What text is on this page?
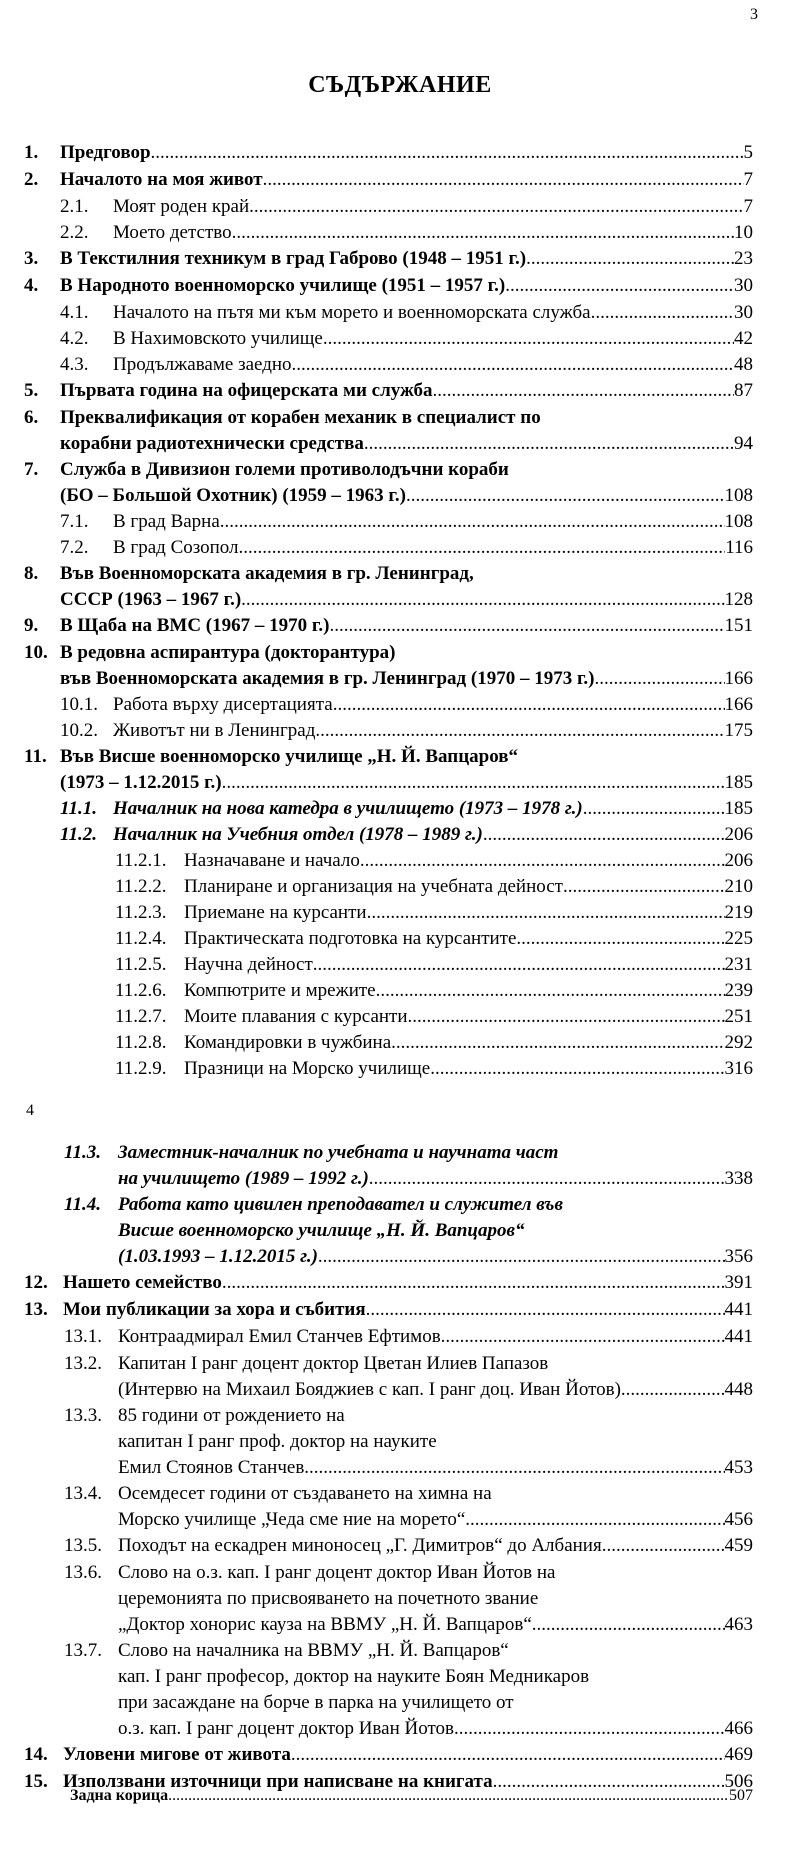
3
СЪДЪРЖАНИЕ
1. Предговор .....	5
2. Началото на моя живот .....	7
2.1. Моят роден край .....	7
2.2. Моето детство .....	10
3. В Текстилния техникум в град Габрово (1948 – 1951 г.) .....	23
4. В Народното военноморско училище (1951 – 1957 г.) .....	30
4.1. Началото на пътя ми към морето и военноморската служба .....	30
4.2. В Нахимовското училище .....	42
4.3. Продължаваме заедно .....	48
5. Първата година на офицерската ми служба .....	87
6. Преквалификация от корабен механик в специалист по
корабни радиотехнически средства .....	94
7. Служба в Дивизион големи противолодъчни кораби
(БО – Большой Охотник) (1959 – 1963 г.) .....	108
7.1. В град Варна .....	108
7.2. В град Созопол .....	116
8. Във Военноморската академия в гр. Ленинград,
СССР (1963 – 1967 г.) .....	128
9. В Щаба на ВМС (1967 – 1970 г.) .....	151
10. В редовна аспирантура (докторантура)
във Военноморската академия в гр. Ленинград (1970 – 1973 г.) .....	166
10.1. Работа върху дисертацията .....	166
10.2. Животът ни в Ленинград .....	175
11. Във Висше военноморско училище „Н. Й. Вапцаров“
(1973 – 1.12.2015 г.) .....	185
11.1. Началник на нова катедра в училището (1973 – 1978 г.) .....	185
11.2. Началник на Учебния отдел (1978 – 1989 г.) .....	206
11.2.1. Назначаване и начало .....	206
11.2.2. Планиране и организация на учебната дейност .....	210
11.2.3. Приемане на курсанти .....	219
11.2.4. Практическата подготовка на курсантите .....	225
11.2.5. Научна дейност .....	231
11.2.6. Компютрите и мрежите .....	239
11.2.7. Моите плавания с курсанти .....	251
11.2.8. Командировки в чужбина .....	292
11.2.9. Празници на Морско училище .....	316
4
11.3. Заместник-началник по учебната и научната част
на училището (1989 – 1992 г.) .....	338
11.4. Работа като цивилен преподавател и служител във
Висше военноморско училище „Н. Й. Вапцаров“
(1.03.1993 – 1.12.2015 г.) .....	356
12. Нашето семейство .....	391
13. Мои публикации за хора и събития .....	441
13.1. Контраадмирал Емил Станчев Ефтимов .....	441
13.2. Капитан I ранг доцент доктор Цветан Илиев Папазов
(Интервю на Михаил Бояджиев с кап. I ранг доц. Иван Йотов) .....	448
13.3. 85 години от рождението на
капитан I ранг проф. доктор на науките
Емил Стоянов Станчев .....	453
13.4. Осемдесет години от създаването на химна на
Морско училище „Чеда сме ние на морето“ .....	456
13.5. Походът на ескадрен миноносец „Г. Димитров“ до Албания .....	459
13.6. Слово на о.з. кап. I ранг доцент доктор Иван Йотов на
церемонията по присвояването на почетното звание
„Доктор хонорис кауза на ВВМУ „Н. Й. Вапцаров“ .....	463
13.7. Слово на началника на ВВМУ „Н. Й. Вапцаров“
кап. I ранг професор, доктор на науките Боян Медникаров
при засаждане на борче в парка на училището от
о.з. кап. I ранг доцент доктор Иван Йотов .....	466
14. Уловени мигове от живота .....	469
15. Използвани източници при написване на книгата .....	506
Задна корица .....	507
